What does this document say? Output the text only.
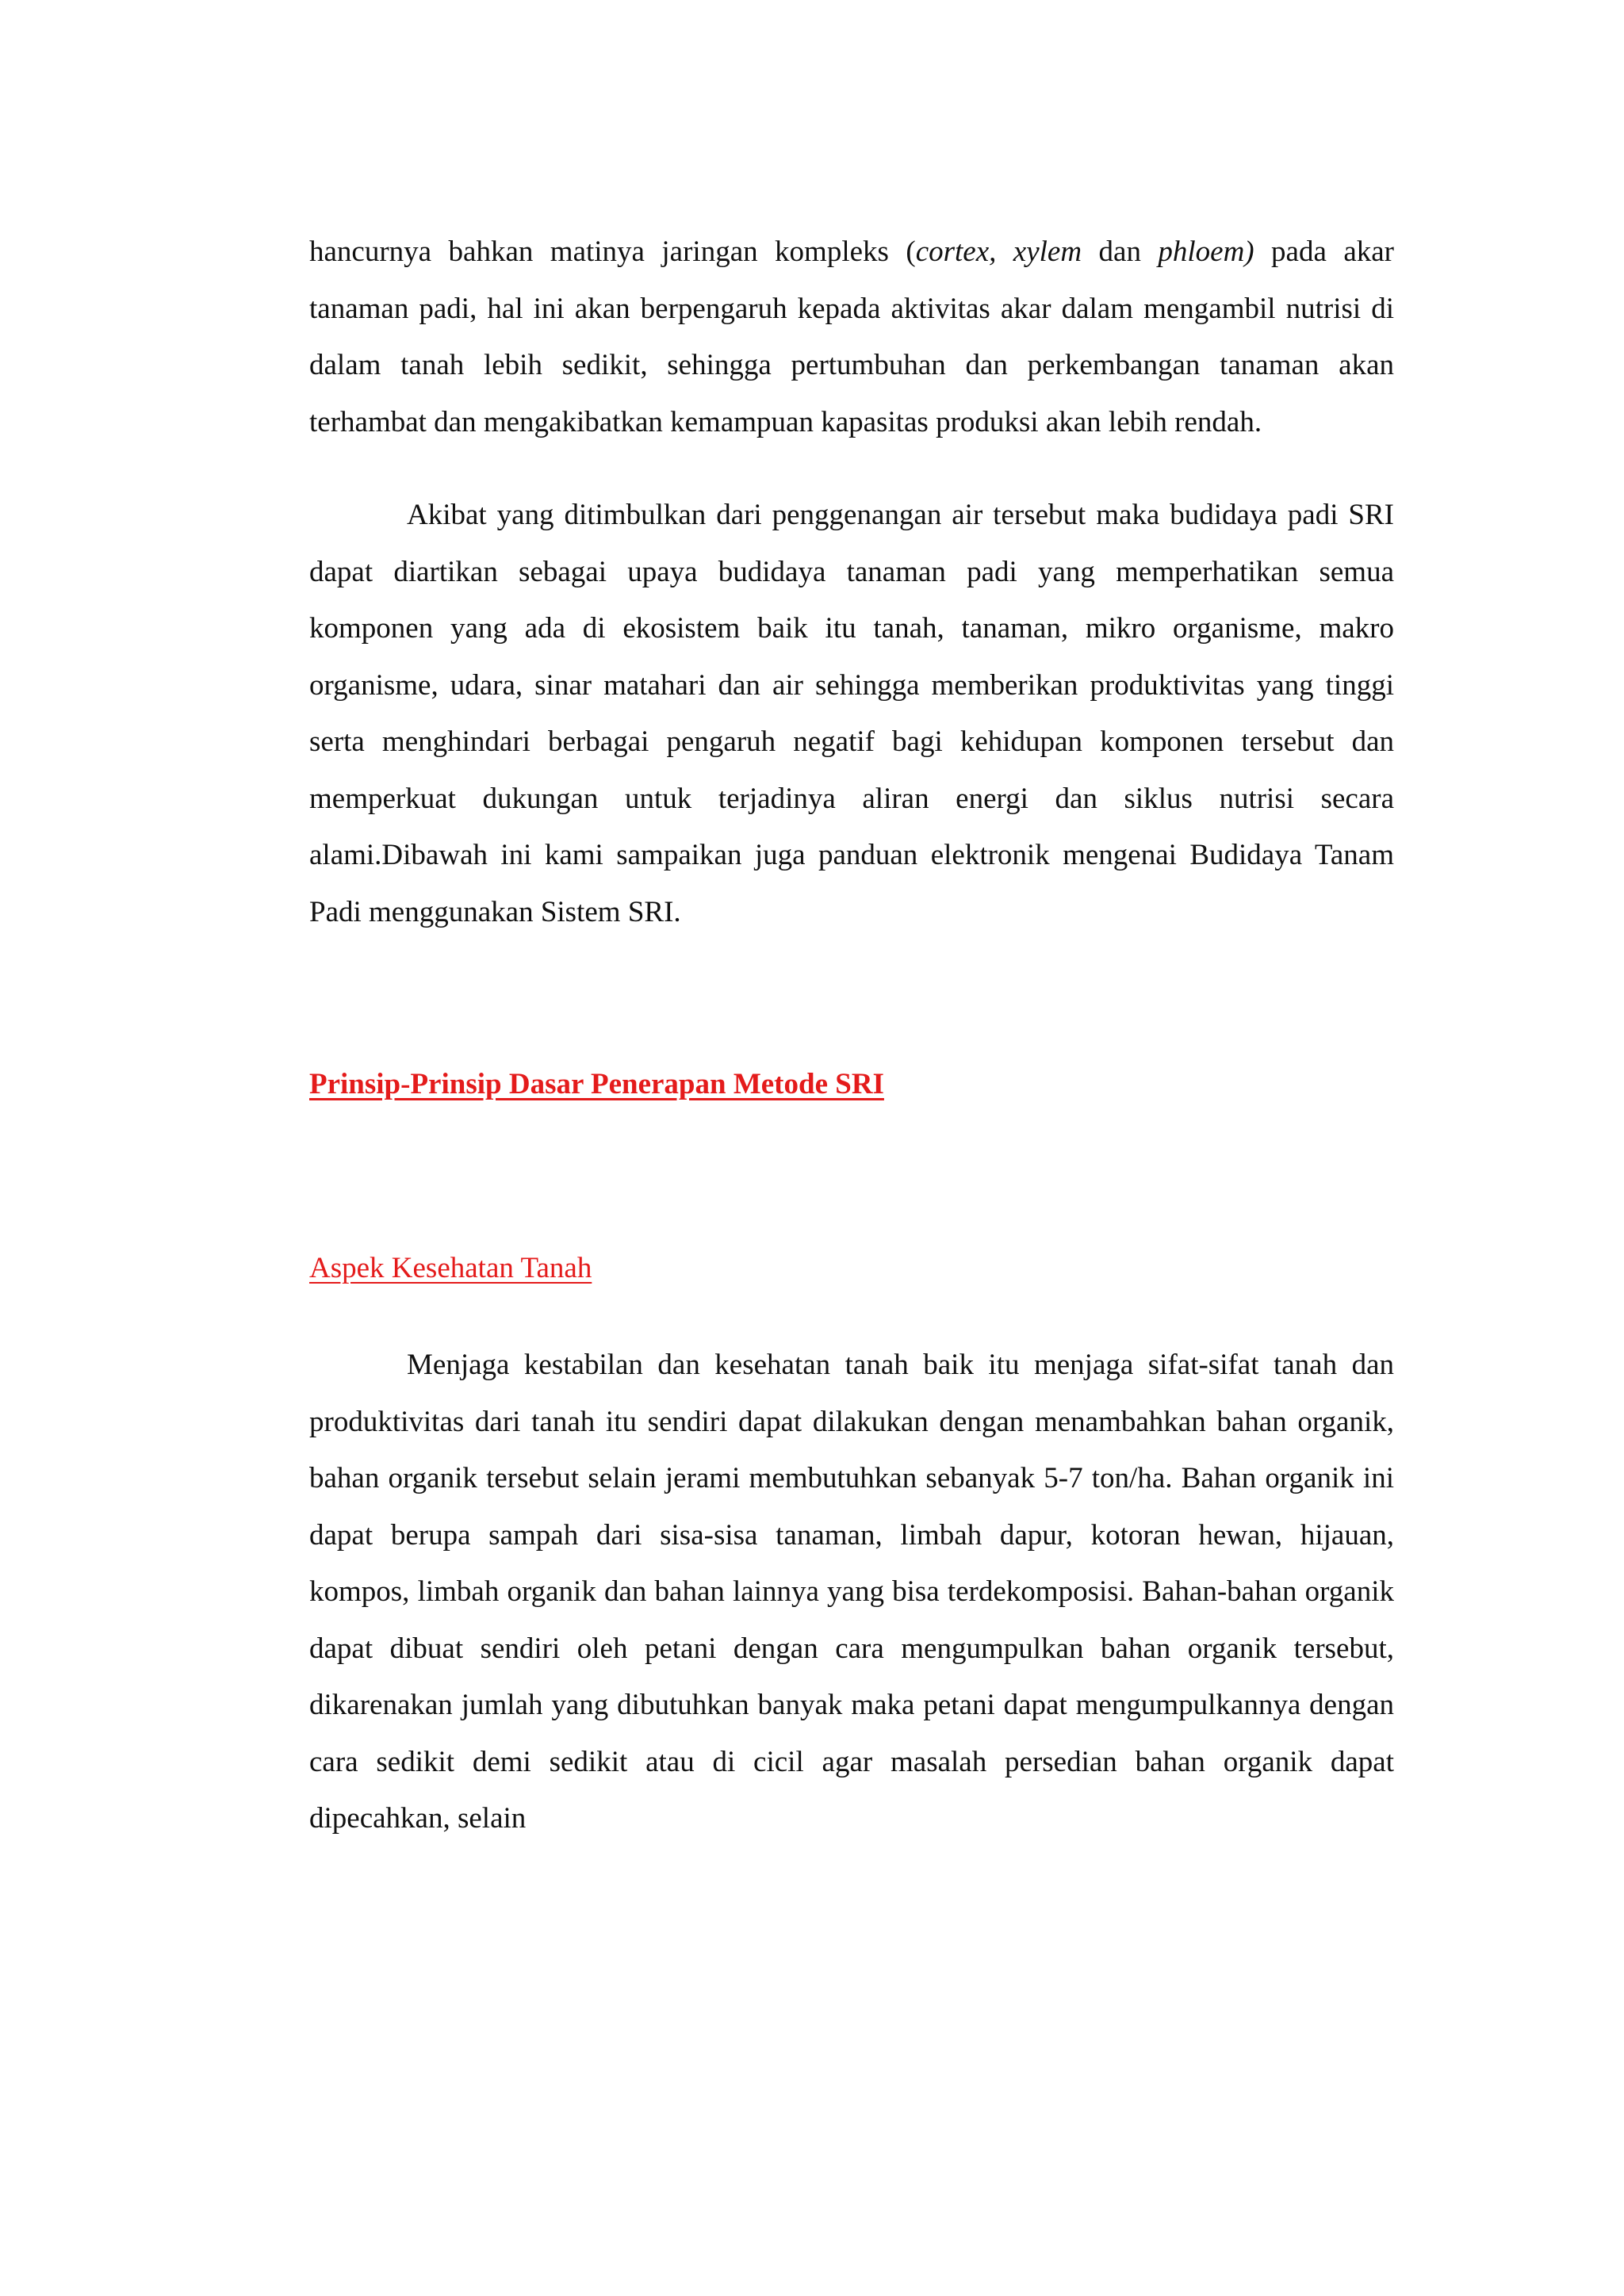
hancurnya bahkan matinya jaringan kompleks (cortex, xylem dan phloem) pada akar tanaman padi, hal ini akan berpengaruh kepada aktivitas akar dalam mengambil nutrisi di dalam tanah lebih sedikit, sehingga pertumbuhan dan perkembangan tanaman akan terhambat dan mengakibatkan kemampuan kapasitas produksi akan lebih rendah.

Akibat yang ditimbulkan dari penggenangan air tersebut maka budidaya padi SRI dapat diartikan sebagai upaya budidaya tanaman padi yang memperhatikan semua komponen yang ada di ekosistem baik itu tanah, tanaman, mikro organisme, makro organisme, udara, sinar matahari dan air sehingga memberikan produktivitas yang tinggi serta menghindari berbagai pengaruh negatif bagi kehidupan komponen tersebut dan memperkuat dukungan untuk terjadinya aliran energi dan siklus nutrisi secara alami.Dibawah ini kami sampaikan juga panduan elektronik mengenai Budidaya Tanam Padi menggunakan Sistem SRI.

Prinsip-Prinsip Dasar Penerapan Metode SRI

Aspek Kesehatan Tanah

Menjaga kestabilan dan kesehatan tanah baik itu menjaga sifat-sifat tanah dan produktivitas dari tanah itu sendiri dapat dilakukan dengan menambahkan bahan organik, bahan organik tersebut selain jerami membutuhkan sebanyak 5-7 ton/ha. Bahan organik ini dapat berupa sampah dari sisa-sisa tanaman, limbah dapur, kotoran hewan, hijauan, kompos, limbah organik dan bahan lainnya yang bisa terdekomposisi. Bahan-bahan organik dapat dibuat sendiri oleh petani dengan cara mengumpulkan bahan organik tersebut, dikarenakan jumlah yang dibutuhkan banyak maka petani dapat mengumpulkannya dengan cara sedikit demi sedikit atau di cicil agar masalah persedian bahan organik dapat dipecahkan, selain
